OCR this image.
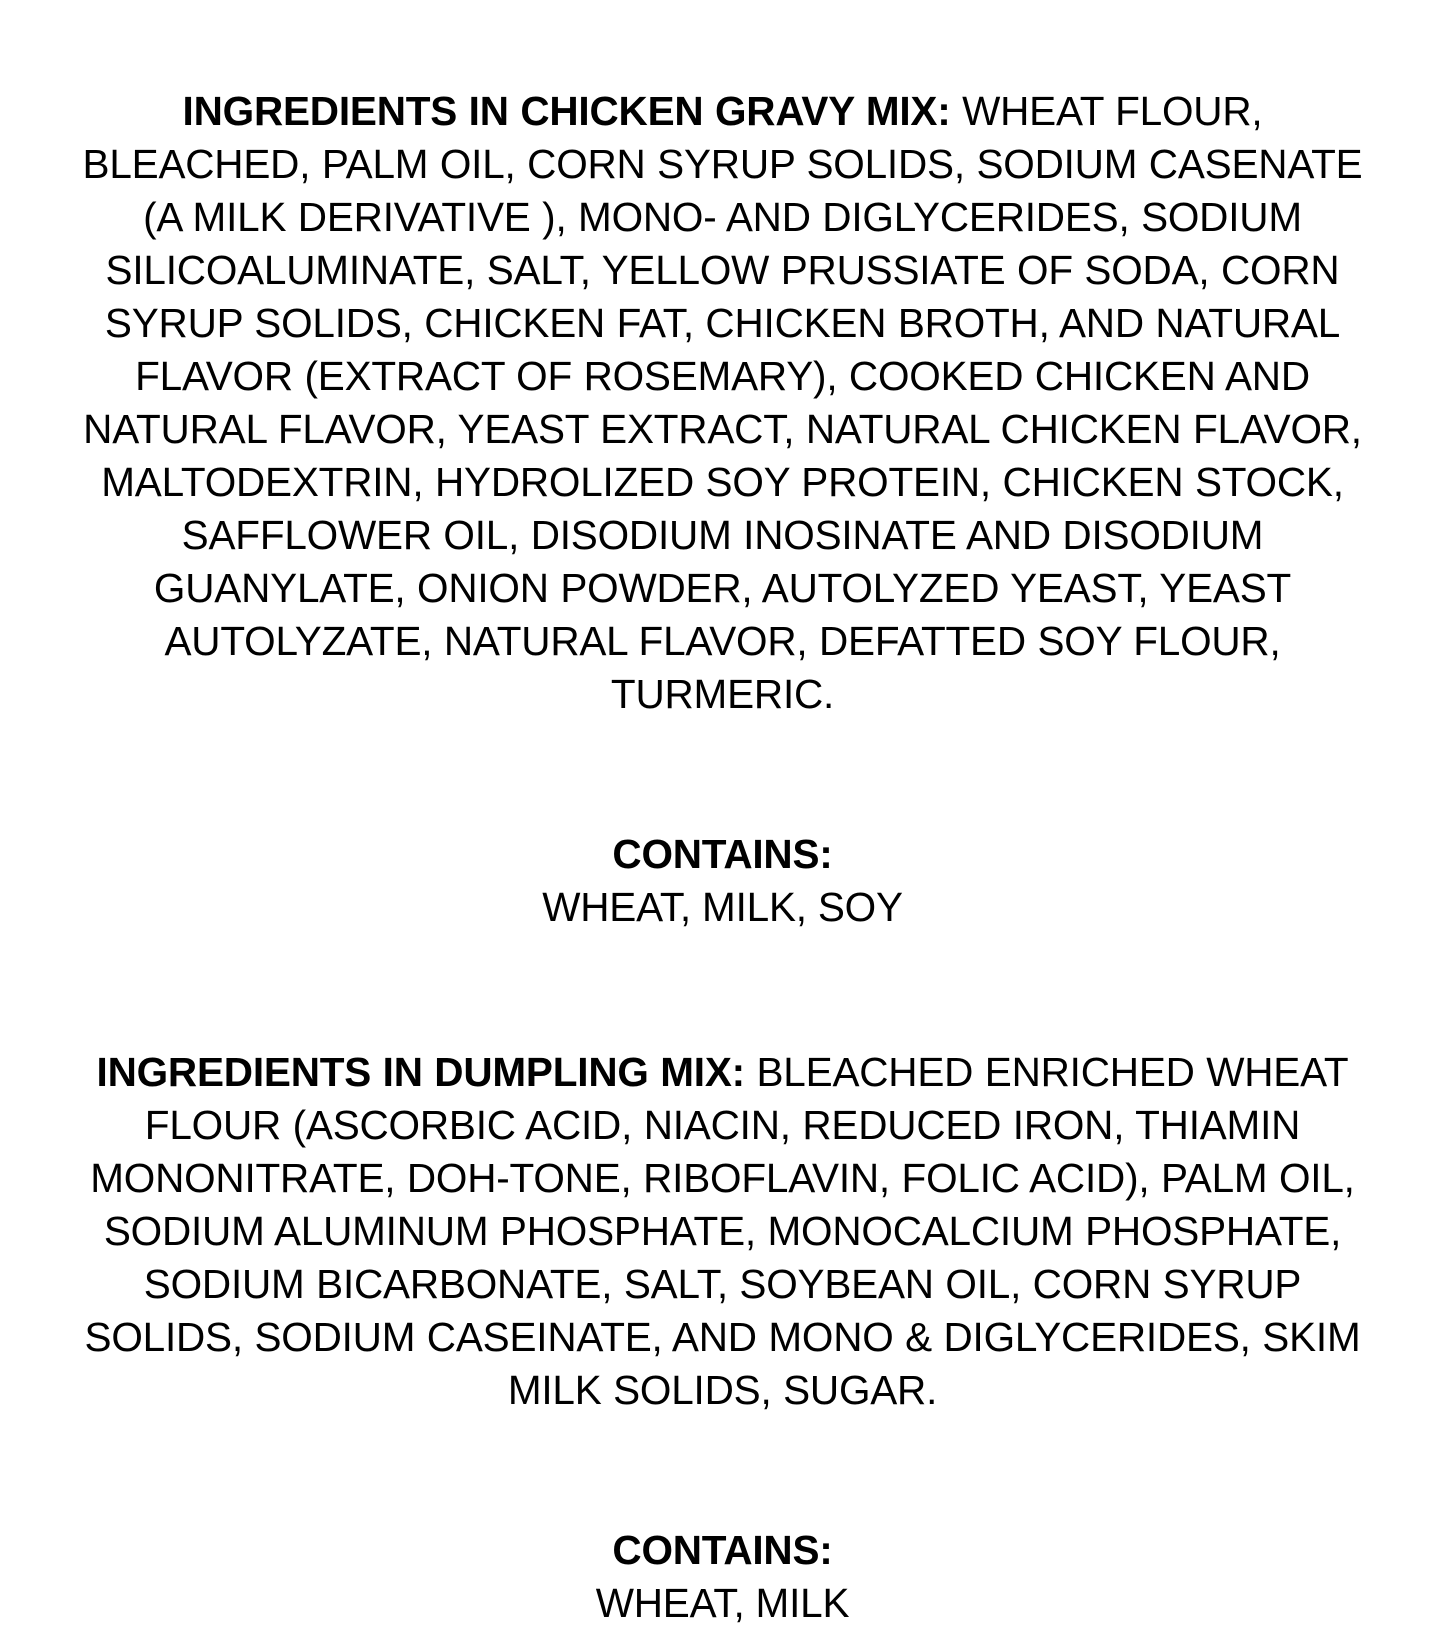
INGREDIENTS IN CHICKEN GRAVY MIX: WHEAT FLOUR, BLEACHED, PALM OIL, CORN SYRUP SOLIDS, SODIUM CASENATE (A MILK DERIVATIVE ), MONO- AND DIGLYCERIDES, SODIUM SILICOALUMINATE, SALT, YELLOW PRUSSIATE OF SODA, CORN SYRUP SOLIDS, CHICKEN FAT, CHICKEN BROTH, AND NATURAL FLAVOR (EXTRACT OF ROSEMARY), COOKED CHICKEN AND NATURAL FLAVOR, YEAST EXTRACT, NATURAL CHICKEN FLAVOR, MALTODEXTRIN, HYDROLIZED SOY PROTEIN, CHICKEN STOCK, SAFFLOWER OIL, DISODIUM INOSINATE AND DISODIUM GUANYLATE, ONION POWDER, AUTOLYZED YEAST, YEAST AUTOLYZATE, NATURAL FLAVOR, DEFATTED SOY FLOUR, TURMERIC.

CONTAINS:
WHEAT, MILK, SOY

INGREDIENTS IN DUMPLING MIX: BLEACHED ENRICHED WHEAT FLOUR (ASCORBIC ACID, NIACIN, REDUCED IRON, THIAMIN MONONITRATE, DOH-TONE, RIBOFLAVIN, FOLIC ACID), PALM OIL, SODIUM ALUMINUM PHOSPHATE, MONOCALCIUM PHOSPHATE, SODIUM BICARBONATE, SALT, SOYBEAN OIL, CORN SYRUP SOLIDS, SODIUM CASEINATE, AND MONO & DIGLYCERIDES, SKIM MILK SOLIDS, SUGAR.

CONTAINS:
WHEAT, MILK
